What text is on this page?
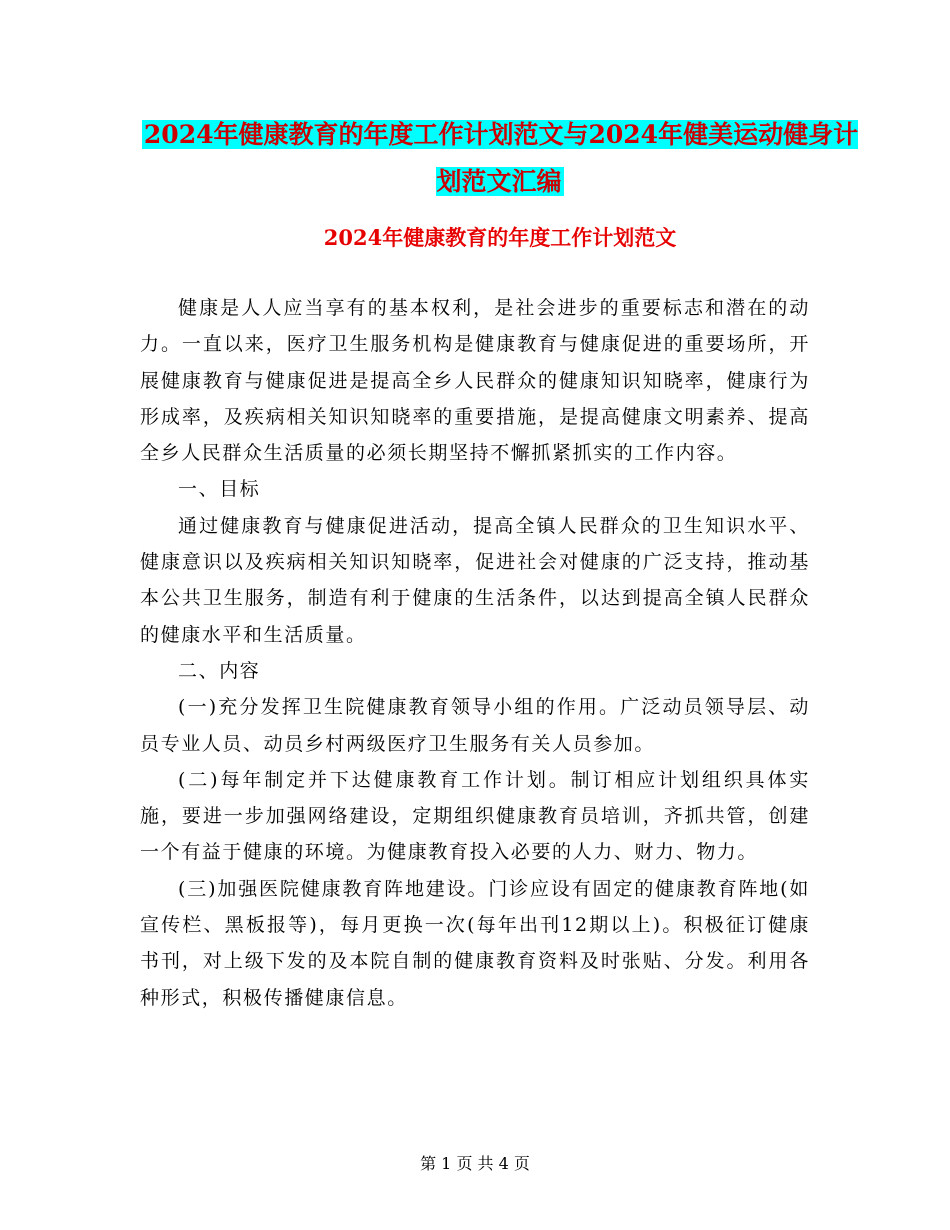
2024年健康教育的年度工作计划范文与2024年健美运动健身计划范文汇编
2024年健康教育的年度工作计划范文

健康是人人应当享有的基本权利，是社会进步的重要标志和潜在的动力。一直以来，医疗卫生服务机构是健康教育与健康促进的重要场所，开展健康教育与健康促进是提高全乡人民群众的健康知识知晓率，健康行为形成率，及疾病相关知识知晓率的重要措施，是提高健康文明素养、提高全乡人民群众生活质量的必须长期坚持不懈抓紧抓实的工作内容。

一、目标

通过健康教育与健康促进活动，提高全镇人民群众的卫生知识水平、健康意识以及疾病相关知识知晓率，促进社会对健康的广泛支持，推动基本公共卫生服务，制造有利于健康的生活条件，以达到提高全镇人民群众的健康水平和生活质量。

二、内容

(一)充分发挥卫生院健康教育领导小组的作用。广泛动员领导层、动员专业人员、动员乡村两级医疗卫生服务有关人员参加。

(二)每年制定并下达健康教育工作计划。制订相应计划组织具体实施，要进一步加强网络建设，定期组织健康教育员培训，齐抓共管，创建一个有益于健康的环境。为健康教育投入必要的人力、财力、物力。

(三)加强医院健康教育阵地建设。门诊应设有固定的健康教育阵地(如宣传栏、黑板报等)，每月更换一次(每年出刊12期以上)。积极征订健康书刊，对上级下发的及本院自制的健康教育资料及时张贴、分发。利用各种形式，积极传播健康信息。

第 1 页 共 4 页
